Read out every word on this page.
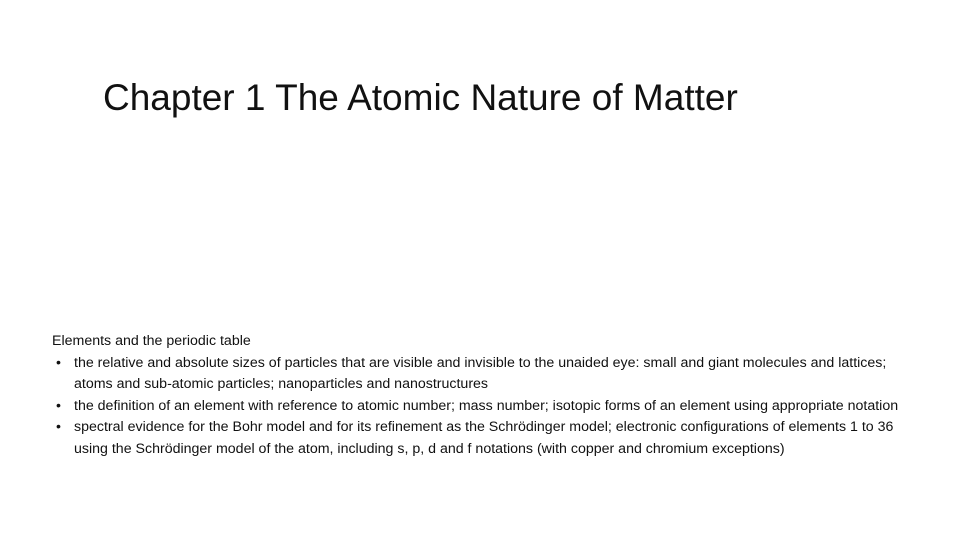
Chapter 1 The Atomic Nature of Matter

Elements and the periodic table

• the relative and absolute sizes of particles that are visible and invisible to the unaided eye: small and giant molecules and lattices; atoms and sub-atomic particles; nanoparticles and nanostructures
• the definition of an element with reference to atomic number; mass number; isotopic forms of an element using appropriate notation
• spectral evidence for the Bohr model and for its refinement as the Schrödinger model; electronic configurations of elements 1 to 36 using the Schrödinger model of the atom, including s, p, d and f notations (with copper and chromium exceptions)
